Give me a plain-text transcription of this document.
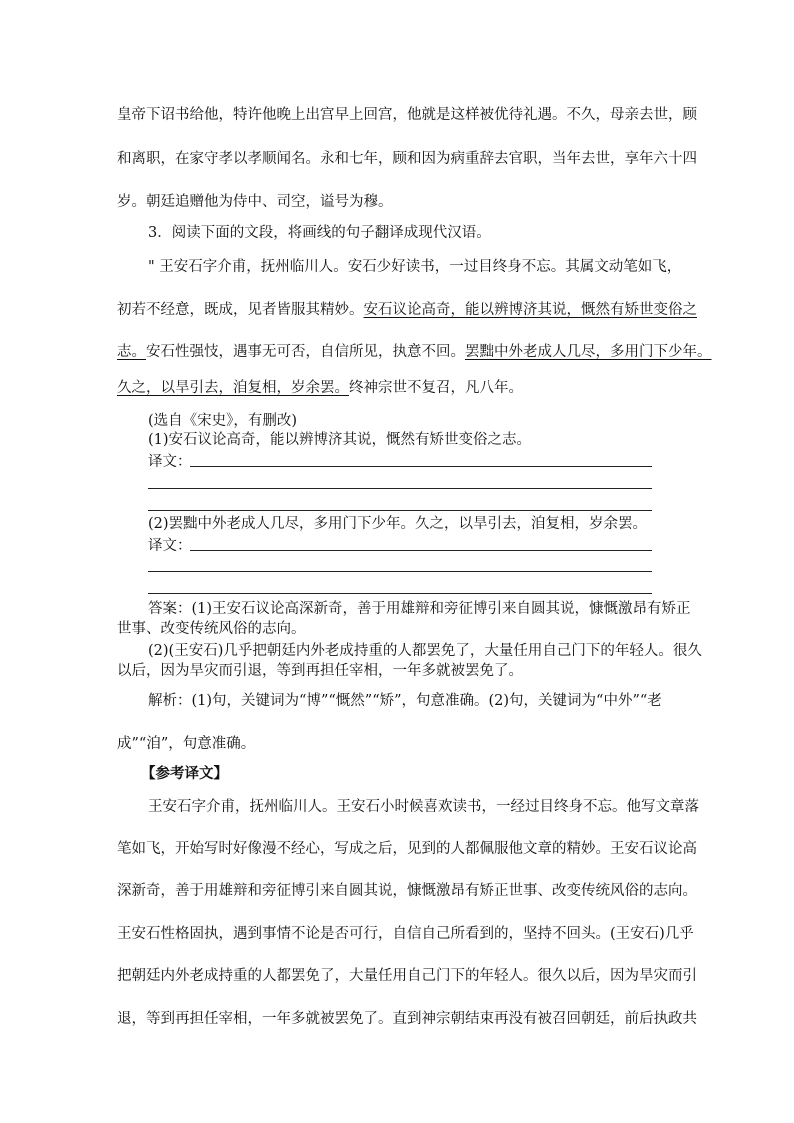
皇帝下诏书给他，特许他晚上出宫早上回宫，他就是这样被优待礼遇。不久，母亲去世，顾
和离职，在家守孝以孝顺闻名。永和七年，顾和因为病重辞去官职，当年去世，享年六十四
岁。朝廷追赠他为侍中、司空，谥号为穆。
3．阅读下面的文段，将画线的句子翻译成现代汉语。
" 王安石字介甫，抚州临川人。安石少好读书，一过目终身不忘。其属文动笔如飞，
初若不经意，既成，见者皆服其精妙。安石议论高奇，能以辨博济其说，慨然有矫世变俗之
志。安石性强忮，遇事无可否，自信所见，执意不回。罢黜中外老成人几尽，多用门下少年。
久之，以旱引去，洎复相，岁余罢。终神宗世不复召，凡八年。
(选自《宋史》，有删改)
(1)安石议论高奇，能以辨博济其说，慨然有矫世变俗之志。
译文：
(2)罢黜中外老成人几尽，多用门下少年。久之，以旱引去，洎复相，岁余罢。
译文：
答案：(1)王安石议论高深新奇，善于用雄辩和旁征博引来自圆其说，慷慨激昂有矫正
世事、改变传统风俗的志向。
(2)(王安石)几乎把朝廷内外老成持重的人都罢免了，大量任用自己门下的年轻人。很久
以后，因为旱灾而引退，等到再担任宰相，一年多就被罢免了。
解析：(1)句，关键词为“博”“慨然”“矫”，句意准确。(2)句，关键词为“中外”“老
成”“洎”，句意准确。
【参考译文】
王安石字介甫，抚州临川人。王安石小时候喜欢读书，一经过目终身不忘。他写文章落
笔如飞，开始写时好像漫不经心，写成之后，见到的人都佩服他文章的精妙。王安石议论高
深新奇，善于用雄辩和旁征博引来自圆其说，慷慨激昂有矫正世事、改变传统风俗的志向。
王安石性格固执，遇到事情不论是否可行，自信自己所看到的，坚持不回头。(王安石)几乎
把朝廷内外老成持重的人都罢免了，大量任用自己门下的年轻人。很久以后，因为旱灾而引
退，等到再担任宰相，一年多就被罢免了。直到神宗朝结束再没有被召回朝廷，前后执政共
